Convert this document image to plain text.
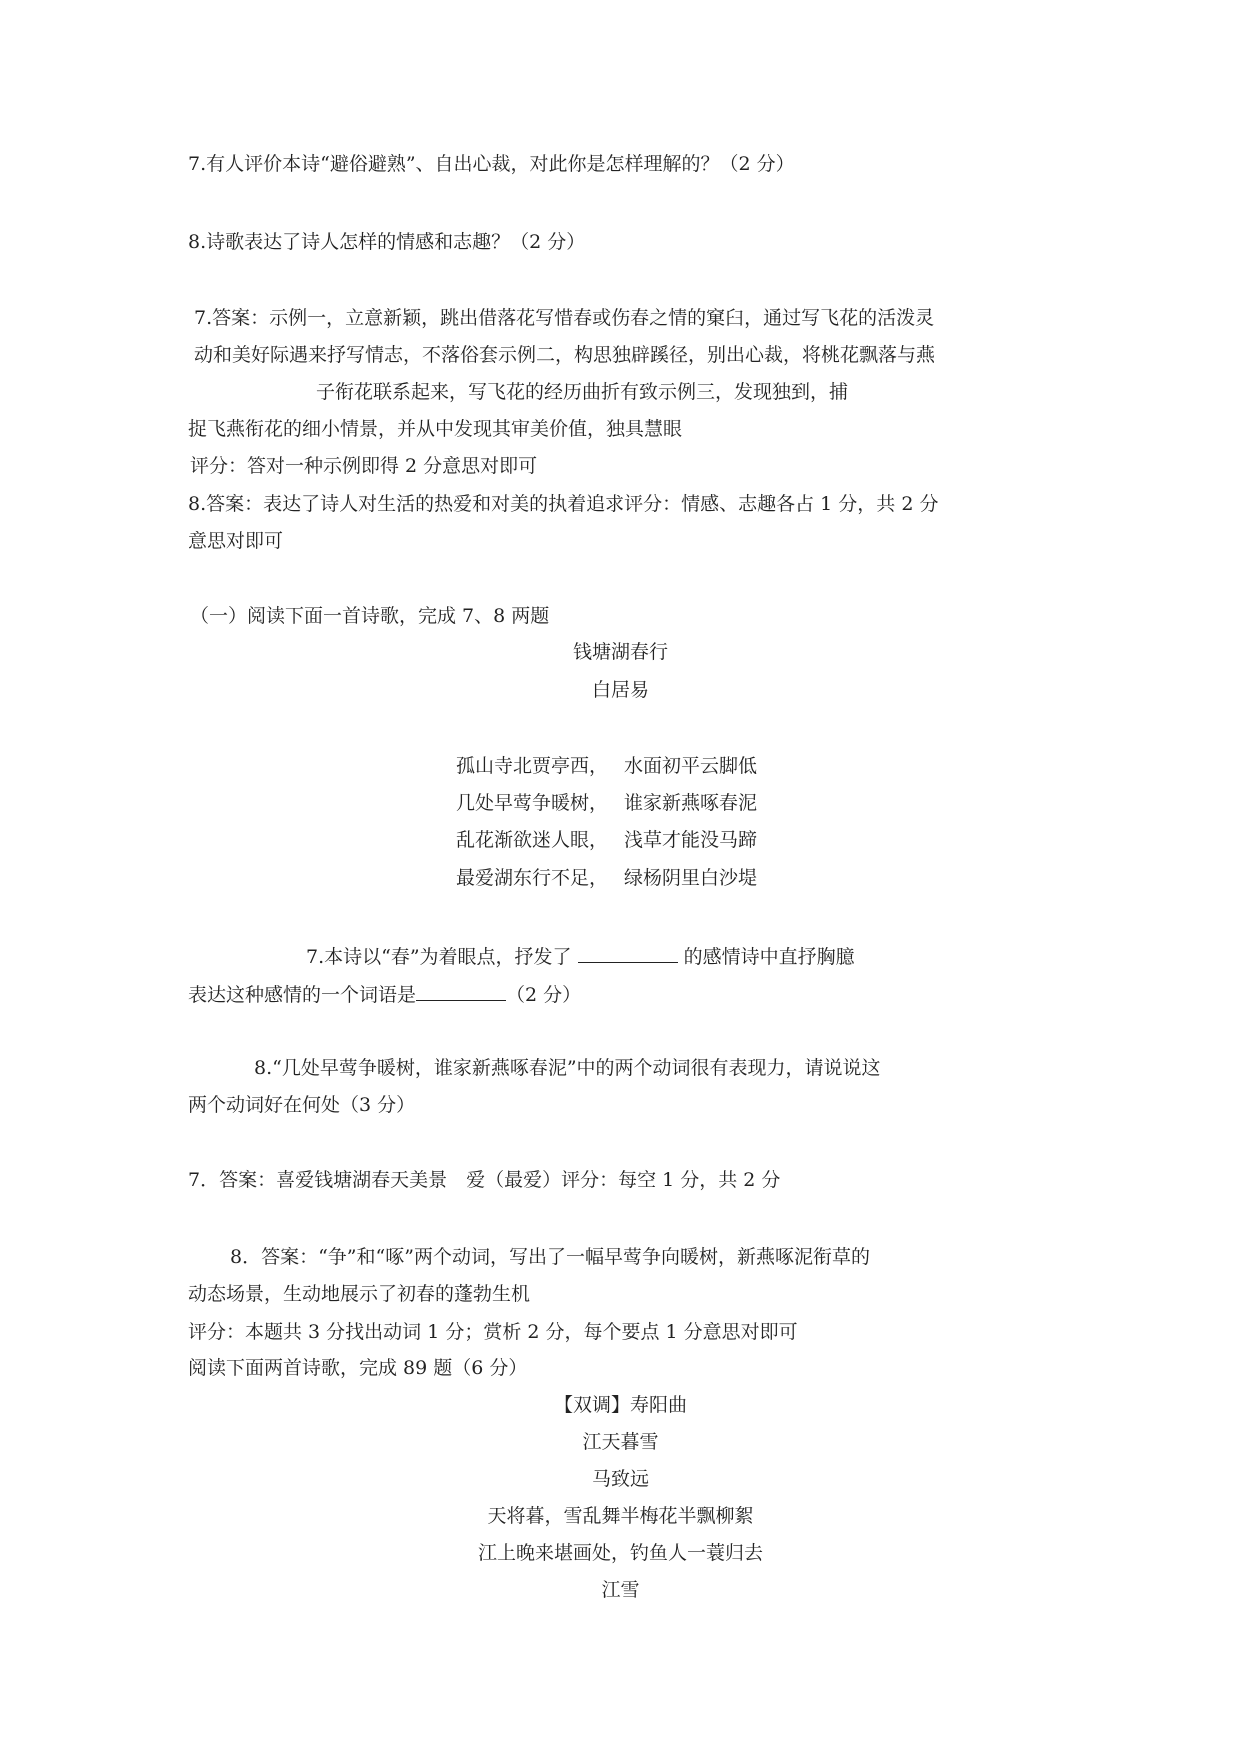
7.有人评价本诗“避俗避熟”、自出心裁，对此你是怎样理解的？（2 分）
8.诗歌表达了诗人怎样的情感和志趣？（2 分）
7.答案：示例一，立意新颖，跳出借落花写惜春或伤春之情的窠臼，通过写飞花的活泼灵
动和美好际遇来抒写情志，不落俗套示例二，构思独辟蹊径，别出心裁，将桃花飘落与燕
子衔花联系起来，写飞花的经历曲折有致示例三，发现独到，捕
捉飞燕衔花的细小情景，并从中发现其审美价值，独具慧眼
评分：答对一种示例即得 2 分意思对即可
8.答案：表达了诗人对生活的热爱和对美的执着追求评分：情感、志趣各占 1 分，共 2 分
意思对即可
（一）阅读下面一首诗歌，完成 7、8 两题
钱塘湖春行
白居易
孤山寺北贾亭西， 水面初平云脚低
几处早莺争暖树， 谁家新燕啄春泥
乱花渐欲迷人眼， 浅草才能没马蹄
最爱湖东行不足， 绿杨阴里白沙堤
7.本诗以“春”为着眼点，抒发了	的感情诗中直抒胸臆
表达这种感情的一个词语是	（2 分）
8.“几处早莺争暖树，谁家新燕啄春泥”中的两个动词很有表现力，请说说这
两个动词好在何处（3 分）
7．答案：喜爱钱塘湖春天美景　爱（最爱）评分：每空 1 分，共 2 分
8．答案：“争”和“啄”两个动词，写出了一幅早莺争向暖树，新燕啄泥衔草的
动态场景，生动地展示了初春的蓬勃生机
评分：本题共 3 分找出动词 1 分；赏析 2 分，每个要点 1 分意思对即可
阅读下面两首诗歌，完成 89 题（6 分）
【双调】寿阳曲
江天暮雪
马致远
天将暮，雪乱舞半梅花半飘柳絮
江上晚来堪画处，钓鱼人一蓑归去
江雪
